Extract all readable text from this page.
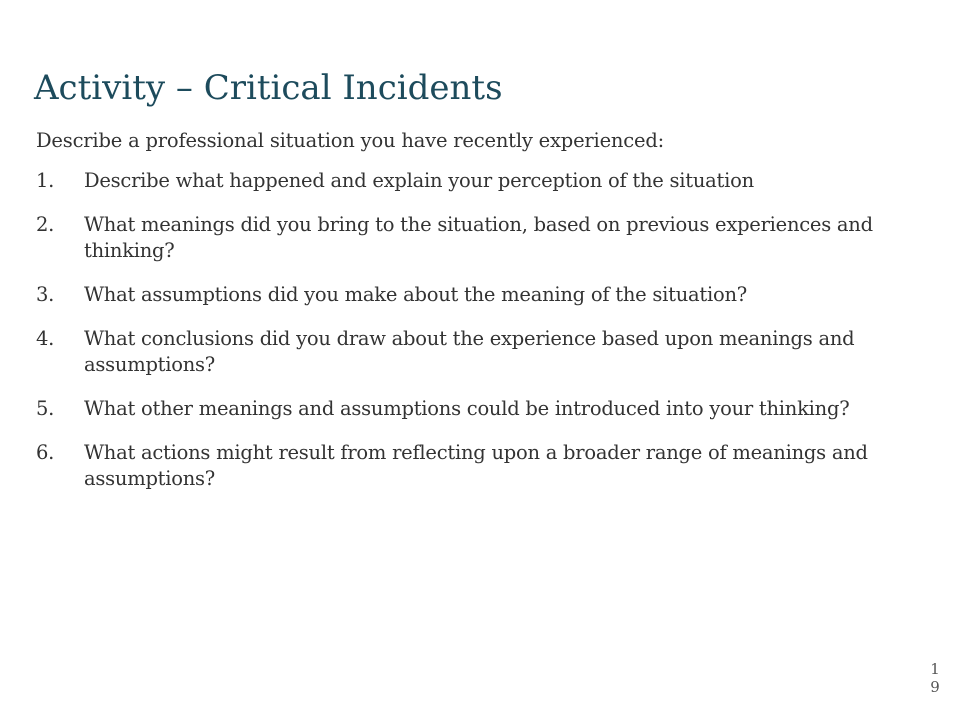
Activity – Critical Incidents

Describe a professional situation you have recently experienced:

1.	Describe what happened and explain your perception of the situation
2.	What meanings did you bring to the situation, based on previous experiences and thinking?
3.	What assumptions did you make about the meaning of the situation?
4.	What conclusions did you draw about the experience based upon meanings and assumptions?
5.	What other meanings and assumptions could be introduced into your thinking?
6.	What actions might result from reflecting upon a broader range of meanings and assumptions?
19
